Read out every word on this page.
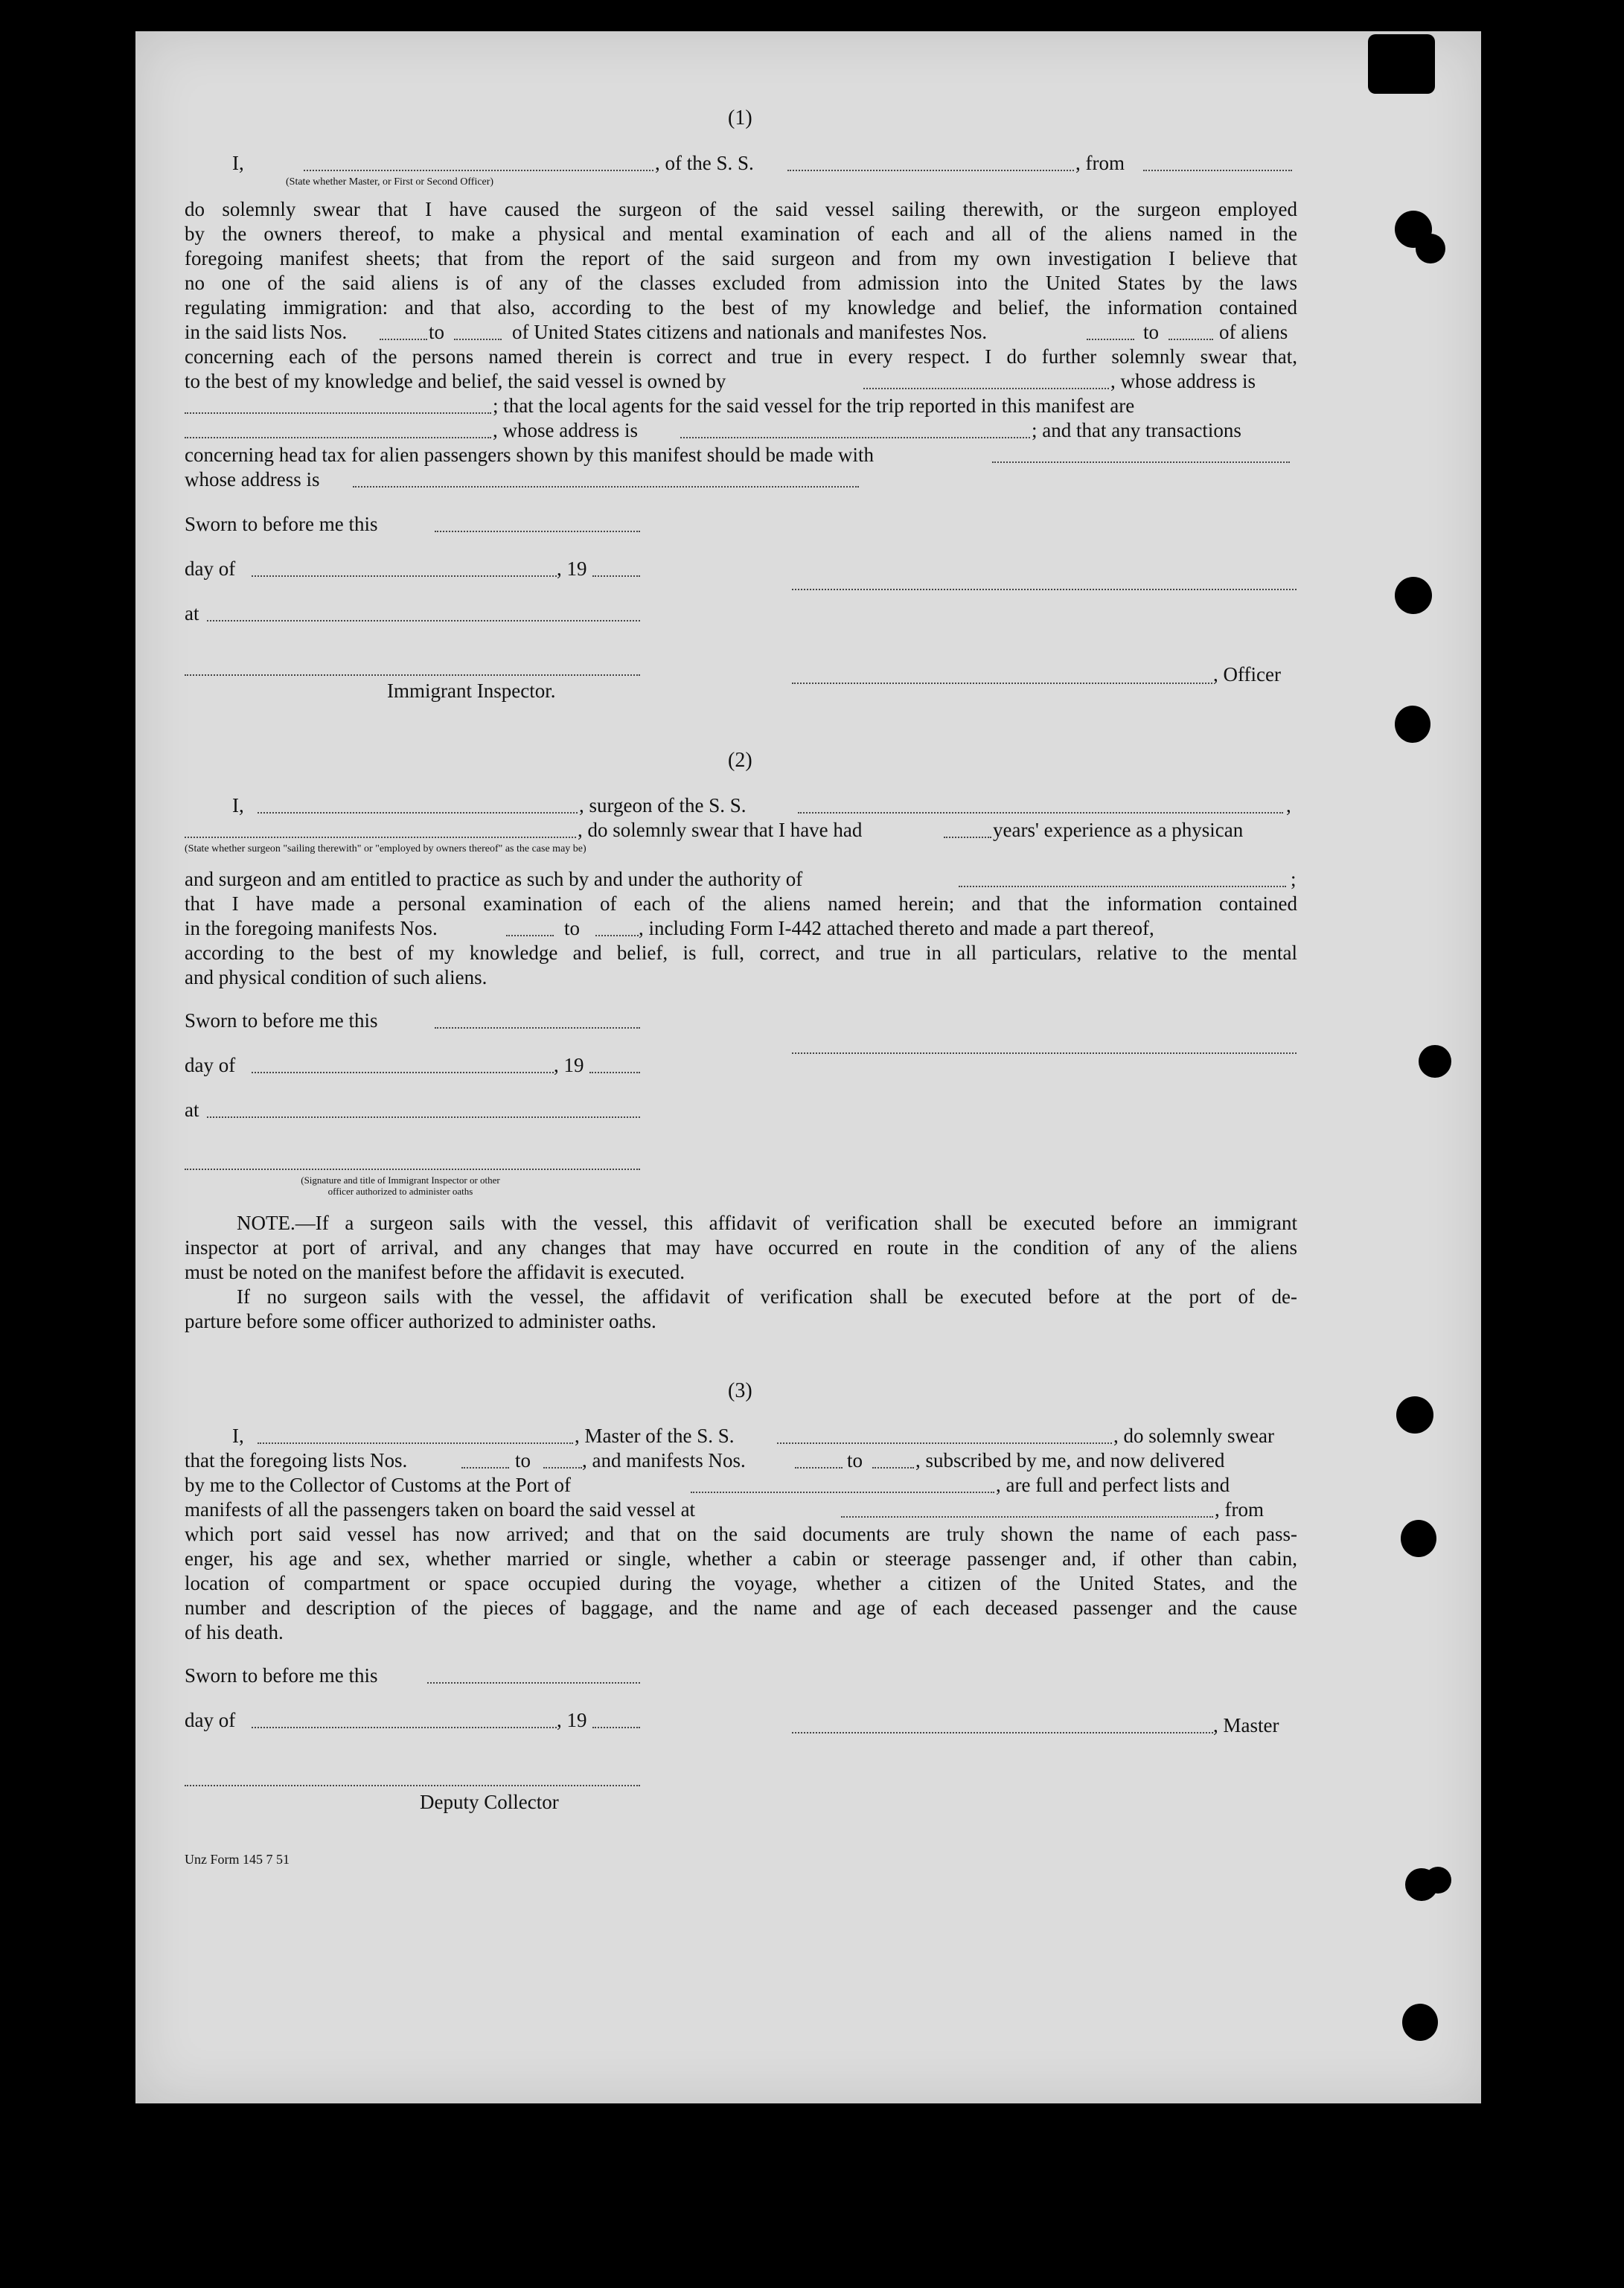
(1)
I,	, of the S. S.	, from
(State whether Master, or First or Second Officer)
do solemnly swear that I have caused the surgeon of the said vessel sailing therewith, or the surgeon employed
by the owners thereof, to make a physical and mental examination of each and all of the aliens named in the
foregoing manifest sheets; that from the report of the said surgeon and from my own investigation I believe that
no one of the said aliens is of any of the classes excluded from admission into the United States by the laws
regulating immigration: and that also, according to the best of my knowledge and belief, the information contained
in the said lists Nos.	to	of United States citizens and nationals and manifestes Nos.	to	of aliens
concerning each of the persons named therein is correct and true in every respect. I do further solemnly swear that,
to the best of my knowledge and belief, the said vessel is owned by	, whose address is
; that the local agents for the said vessel for the trip reported in this manifest are
, whose address is	; and that any transactions
concerning head tax for alien passengers shown by this manifest should be made with
whose address is
Sworn to before me this
day of	, 19
at
, Officer
Immigrant Inspector.
(2)
I,	, surgeon of the S. S.	,
, do solemnly swear that I have had	years' experience as a physican
(State whether surgeon "sailing therewith" or "employed by owners thereof" as the case may be)
and surgeon and am entitled to practice as such by and under the authority of	;
that I have made a personal examination of each of the aliens named herein; and that the information contained
in the foregoing manifests Nos.	to	, including Form I-442 attached thereto and made a part thereof,
according to the best of my knowledge and belief, is full, correct, and true in all particulars, relative to the mental
and physical condition of such aliens.
Sworn to before me this
day of	, 19
at
(Signature and title of Immigrant Inspector or other
officer authorized to administer oaths
NOTE.—If a surgeon sails with the vessel, this affidavit of verification shall be executed before an immigrant
inspector at port of arrival, and any changes that may have occurred en route in the condition of any of the aliens
must be noted on the manifest before the affidavit is executed.
If no surgeon sails with the vessel, the affidavit of verification shall be executed before at the port of de-
parture before some officer authorized to administer oaths.
(3)
I,	, Master of the S. S.	, do solemnly swear
that the foregoing lists Nos.	to	, and manifests Nos.	to	, subscribed by me, and now delivered
by me to the Collector of Customs at the Port of	, are full and perfect lists and
manifests of all the passengers taken on board the said vessel at	, from
which port said vessel has now arrived; and that on the said documents are truly shown the name of each pass-
enger, his age and sex, whether married or single, whether a cabin or steerage passenger and, if other than cabin,
location of compartment or space occupied during the voyage, whether a citizen of the United States, and the
number and description of the pieces of baggage, and the name and age of each deceased passenger and the cause
of his death.
Sworn to before me this
day of	, 19	, Master
Deputy Collector
Unz Form 145 7 51
